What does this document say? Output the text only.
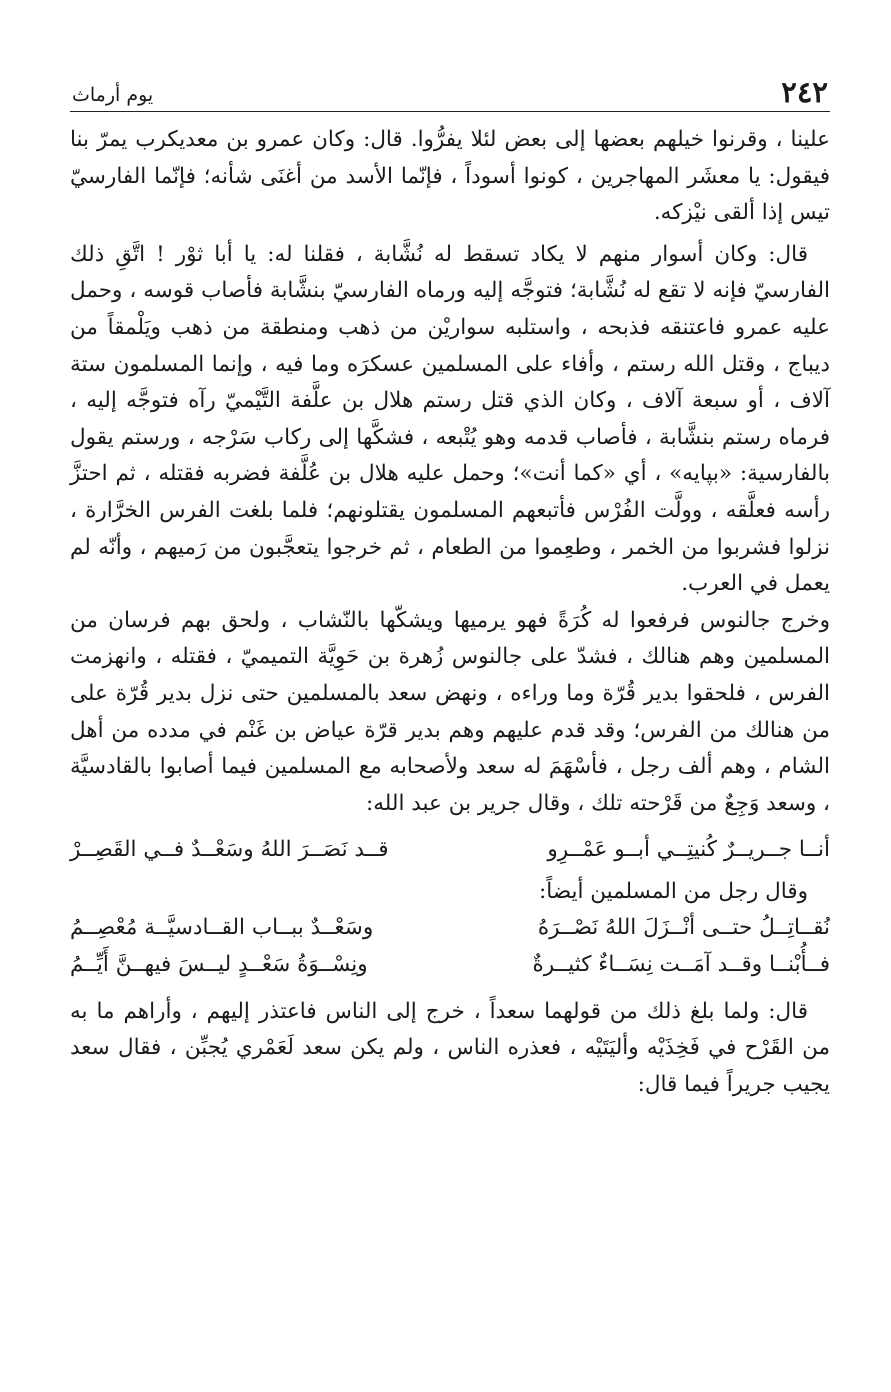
٢٤٢
يوم أرماث

علينا ، وقرنوا خيلهم بعضها إلى بعض لئلا يفرُّوا. قال: وكان عمرو بن معديكرب يمرّ بنا فيقول: يا معشَر المهاجرين ، كونوا أسوداً ، فإنّما الأسد من أغنَى شأنه؛ فإنّما الفارسيّ تيس إذا ألقى نيْزكه.

قال: وكان أسوار منهم لا يكاد تسقط له نُشَّابة ، فقلنا له: يا أبا ثوْر ! اتَّقِ ذلك الفارسيّ فإنه لا تقع له نُشَّابة؛ فتوجَّه إليه ورماه الفارسيّ بنشَّابة فأصاب قوسه ، وحمل عليه عمرو فاعتنقه فذبحه ، واستلبه سواريْن من ذهب ومنطقة من ذهب ويَلْمقاً من ديباج ، وقتل الله رستم ، وأفاء على المسلمين عسكرَه وما فيه ، وإنما المسلمون ستة آلاف ، أو سبعة آلاف ، وكان الذي قتل رستم هلال بن علَّفة التَّيْميّ رآه فتوجَّه إليه ، فرماه رستم بنشَّابة ، فأصاب قدمه وهو يُتْبعه ، فشكَّها إلى ركاب سَرْجه ، ورستم يقول بالفارسية: «بپايه» ، أي «كما أنت»؛ وحمل عليه هلال بن عُلَّفة فضربه فقتله ، ثم احتزَّ رأسه فعلَّقه ، وولَّت الفُرْس فأتبعهم المسلمون يقتلونهم؛ فلما بلغت الفرس الخرَّارة ، نزلوا فشربوا من الخمر ، وطعِموا من الطعام ، ثم خرجوا يتعجَّبون من رَميهم ، وأنّه لم يعمل في العرب.

وخرج جالنوس فرفعوا له كُرَةً فهو يرميها ويشكّها بالنّشاب ، ولحق بهم فرسان من المسلمين وهم هنالك ، فشدّ على جالنوس زُهرة بن حَوِيَّة التميميّ ، فقتله ، وانهزمت الفرس ، فلحقوا بدير قُرّة وما وراءه ، ونهض سعد بالمسلمين حتى نزل بدير قُرّة على من هنالك من الفرس؛ وقد قدم عليهم وهم بدير قرّة عياض بن غَنْم في مدده من أهل الشام ، وهم ألف رجل ، فأسْهَمَ له سعد ولأصحابه مع المسلمين فيما أصابوا بالقادسيَّة ، وسعد وَجِعٌ من قَرْحته تلك ، وقال جرير بن عبد الله:

أنــا جــريــرٌ كُنيتِــي أبــو عَمْــرِو
قــد نَصَــرَ اللهُ وسَعْــدٌ فــي القَصِــرْ

وقال رجل من المسلمين أيضاً:

نُقــاتِــلُ حتــى أنْــزَلَ اللهُ نَصْــرَهُ
وسَعْــدٌ ببــاب القــادسيَّــة مُعْصِــمُ
فــأُبْنــا وقــد آمَــت نِسَــاءٌ كثيــرةٌ
ونِسْــوَةُ سَعْــدٍ ليــسَ فيهــنَّ أَيِّــمُ

قال: ولما بلغ ذلك من قولهما سعداً ، خرج إلى الناس فاعتذر إليهم ، وأراهم ما به من القَرْح في فَخِذَيْه وأليَتَيْه ، فعذره الناس ، ولم يكن سعد لَعَمْري يُجبِّن ، فقال سعد يجيب جريراً فيما قال:
